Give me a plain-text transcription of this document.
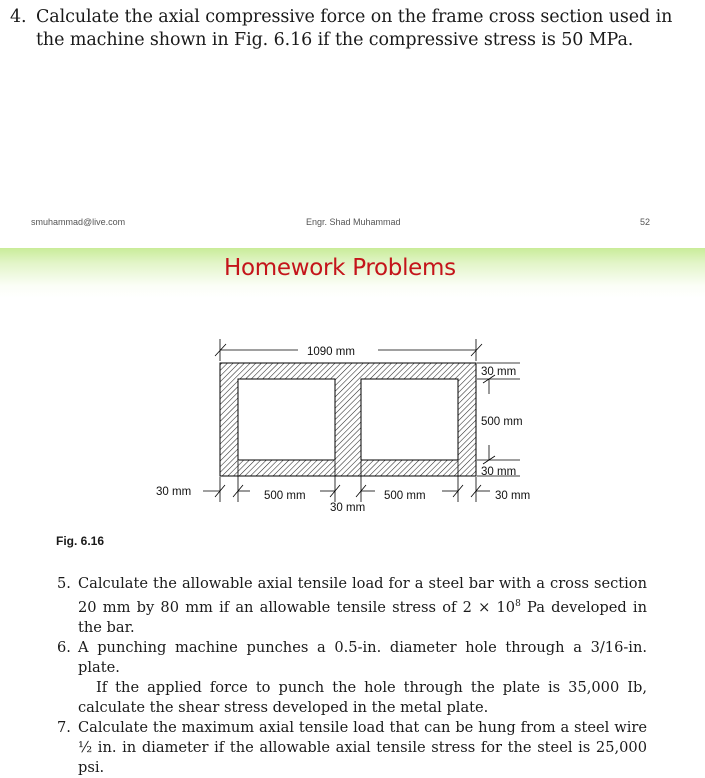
4. Calculate the axial compressive force on the frame cross section used in the machine shown in Fig. 6.16 if the compressive stress is 50 MPa.
smuhammad@live.com	Engr. Shad Muhammad	52
Homework Problems
1090 mm
30 mm
500 mm
30 mm
30 mm	500 mm
30 mm
500 mm	30 mm
Fig. 6.16
5. Calculate the allowable axial tensile load for a steel bar with a cross section 20 mm by 80 mm if an allowable tensile stress of $2 \times 10^8$ Pa developed in the bar.
6. A punching machine punches a 0.5-in. diameter hole through a 3/16-in. plate.
If the applied force to punch the hole through the plate is 35,000 Ib, calculate the shear stress developed in the metal plate.
7. Calculate the maximum axial tensile load that can be hung from a steel wire ½ in. in diameter if the allowable axial tensile stress for the steel is 25,000 psi.
